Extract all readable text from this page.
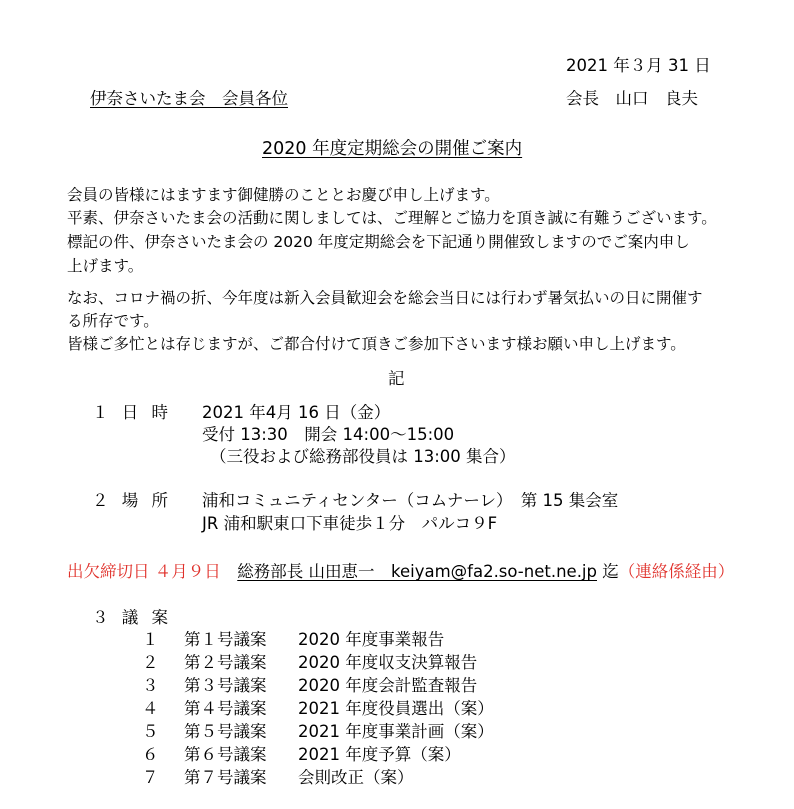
2021 年３月 31 日
伊奈さいたま会　会員各位	会長　山口　良夫
2020 年度定期総会の開催ご案内
会員の皆様にはますます御健勝のこととお慶び申し上げます。
平素、伊奈さいたま会の活動に関しましては、ご理解とご協力を頂き誠に有難うございます。
標記の件、伊奈さいたま会の 2020 年度定期総会を下記通り開催致しますのでご案内申し
上げます。
なお、コロナ禍の折、今年度は新入会員歓迎会を総会当日には行わず暑気払いの日に開催す
る所存です。
皆様ご多忙とは存じますが、ご都合付けて頂きご参加下さいます様お願い申し上げます。
記
１ 日 時 2021 年4月 16 日（金）
受付 13:30　開会 14:00～15:00
（三役および総務部役員は 13:00 集合）
２ 場 所 浦和コミュニティセンター（コムナーレ）　第 15 集会室
JR 浦和駅東口下車徒歩１分　パルコ９F
出欠締切日 ４月９日　 総務部長 山田恵一　keiyam@fa2.so-net.ne.jp 迄（連絡係経由）
３ 議 案
１ 第１号議案 2020 年度事業報告
２ 第２号議案 2020 年度収支決算報告
３ 第３号議案 2020 年度会計監査報告
４ 第４号議案 2021 年度役員選出（案）
５ 第５号議案 2021 年度事業計画（案）
６ 第６号議案 2021 年度予算（案）
７ 第７号議案 会則改正（案）
